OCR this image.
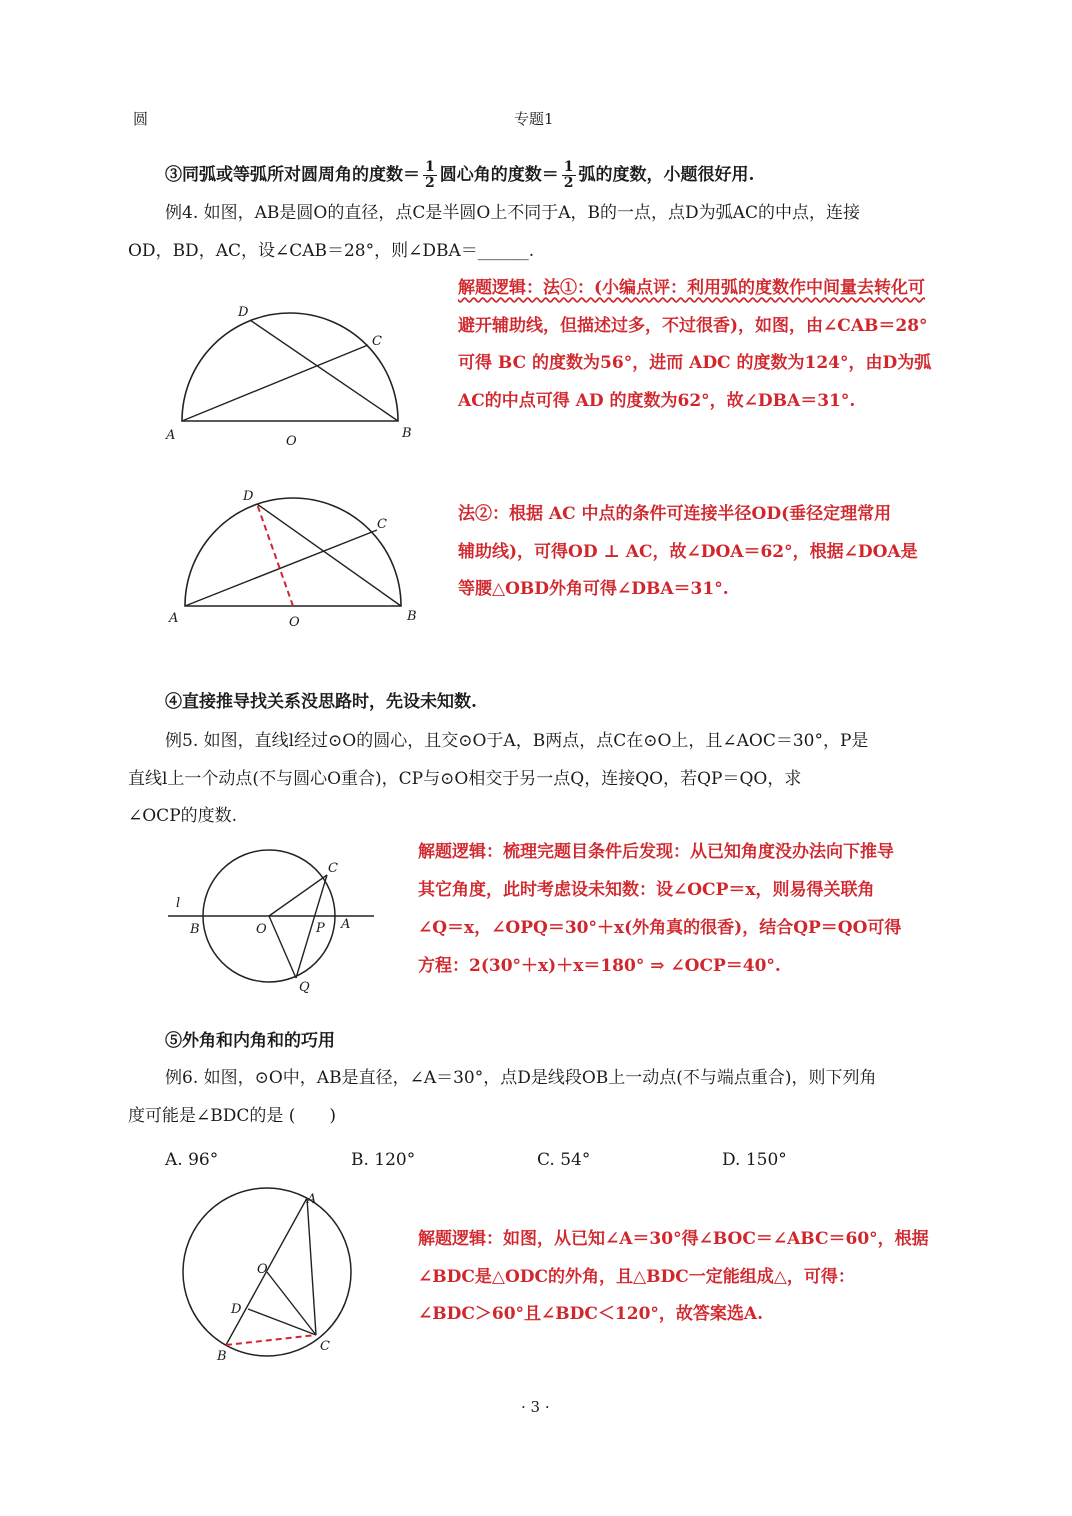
圆	专题1
③同弧或等弧所对圆周角的度数＝ $\frac{1}{2}$ 圆心角的度数＝ $\frac{1}{2}$ 弧的度数，小题很好用.
例4. 如图，AB是圆O的直径，点C是半圆O上不同于A，B的一点，点D为弧AC的中点，连接
OD，BD，AC，设∠CAB＝28°，则∠DBA＝______.
A	B
C
D
O
解题逻辑：法①：(小编点评：利用弧的度数作中间量去转化可
避开辅助线，但描述过多，不过很香)，如图，由∠CAB＝28°
可得 BC 的度数为56°，进而 ADC 的度数为124°，由D为弧
AC的中点可得 AD 的度数为62°，故∠DBA＝31°.
A	B
C
D
O
法②：根据 AC 中点的条件可连接半径OD(垂径定理常用
辅助线)，可得OD ⊥ AC，故∠DOA＝62°，根据∠DOA是
等腰△OBD外角可得∠DBA＝31°.
④直接推导找关系没思路时，先设未知数.
例5. 如图，直线l经过⊙O的圆心，且交⊙O于A，B两点，点C在⊙O上，且∠AOC＝30°，P是
直线l上一个动点(不与圆心O重合)，CP与⊙O相交于另一点Q，连接QO，若QP＝QO，求
∠OCP的度数.
l
B	O	P A
C
Q
解题逻辑：梳理完题目条件后发现：从已知角度没办法向下推导
其它角度，此时考虑设未知数：设∠OCP＝x，则易得关联角
∠Q＝x，∠OPQ＝30°＋x(外角真的很香)，结合QP＝QO可得
方程：2(30°＋x)＋x＝180° ⇒ ∠OCP＝40°.
⑤外角和内角和的巧用
例6. 如图，⊙O中，AB是直径，∠A＝30°，点D是线段OB上一动点(不与端点重合)，则下列角
度可能是∠BDC的是 (　　)
A. 96°	B. 120°	C. 54°	D. 150°
A
O
D
B
C
解题逻辑：如图，从已知∠A＝30°得∠BOC＝∠ABC＝60°，根据
∠BDC是△ODC的外角，且△BDC一定能组成△，可得：
∠BDC＞60°且∠BDC＜120°，故答案选A.
· 3 ·
